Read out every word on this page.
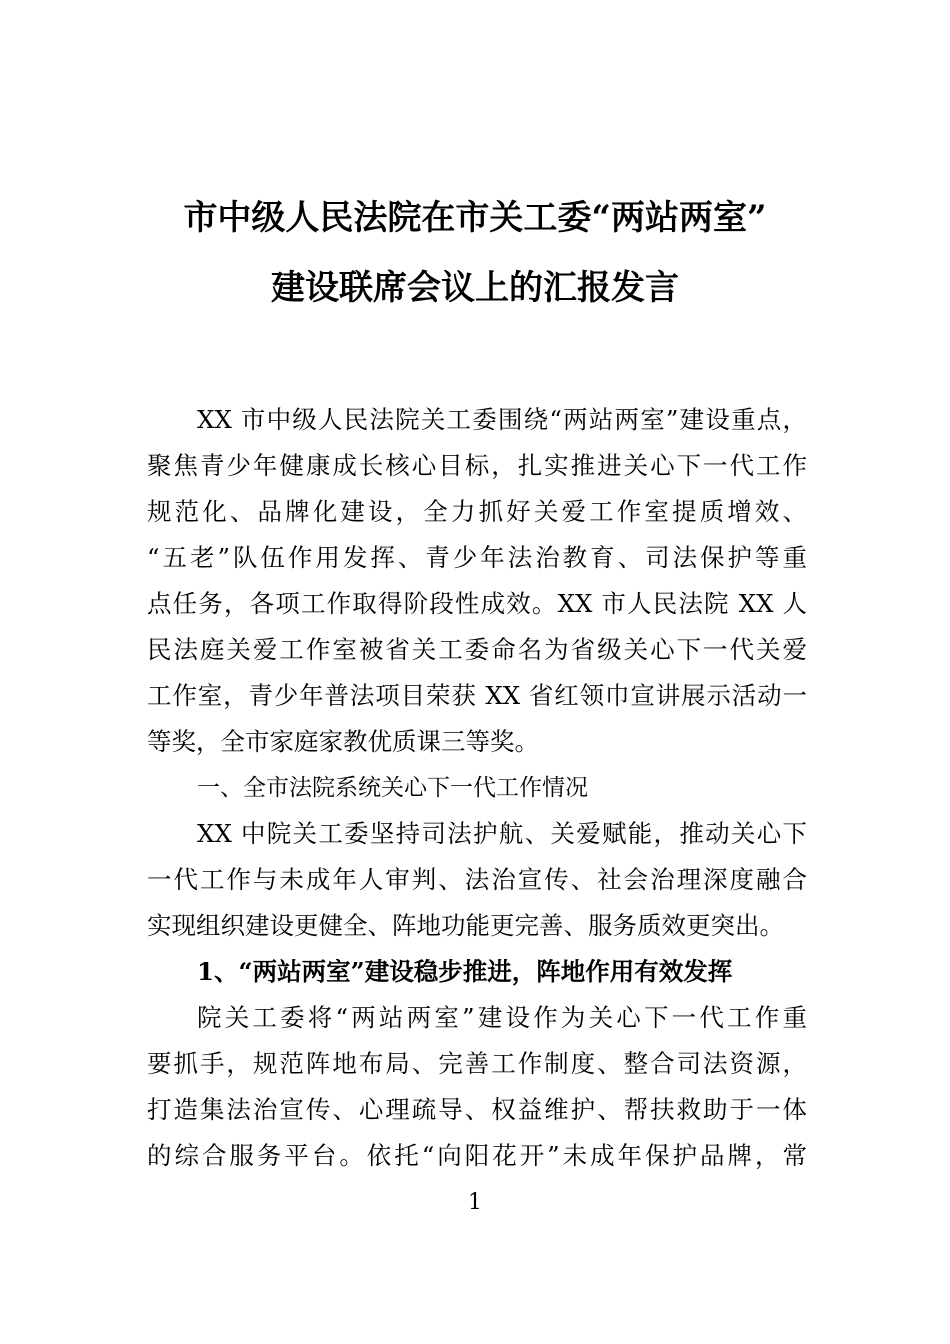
市中级人民法院在市关工委“两站两室”
建设联席会议上的汇报发言
XX 市中级人民法院关工委围绕“两站两室”建设重点，
聚焦青少年健康成长核心目标，扎实推进关心下一代工作
规范化、品牌化建设，全力抓好关爱工作室提质增效、
“五老”队伍作用发挥、青少年法治教育、司法保护等重
点任务，各项工作取得阶段性成效。XX 市人民法院 XX 人
民法庭关爱工作室被省关工委命名为省级关心下一代关爱
工作室，青少年普法项目荣获 XX 省红领巾宣讲展示活动一
等奖，全市家庭家教优质课三等奖。
一、全市法院系统关心下一代工作情况
XX 中院关工委坚持司法护航、关爱赋能，推动关心下
一代工作与未成年人审判、法治宣传、社会治理深度融合
实现组织建设更健全、阵地功能更完善、服务质效更突出。
1、“两站两室”建设稳步推进，阵地作用有效发挥
院关工委将“两站两室”建设作为关心下一代工作重
要抓手，规范阵地布局、完善工作制度、整合司法资源，
打造集法治宣传、心理疏导、权益维护、帮扶救助于一体
的综合服务平台。依托“向阳花开”未成年保护品牌，常
1
